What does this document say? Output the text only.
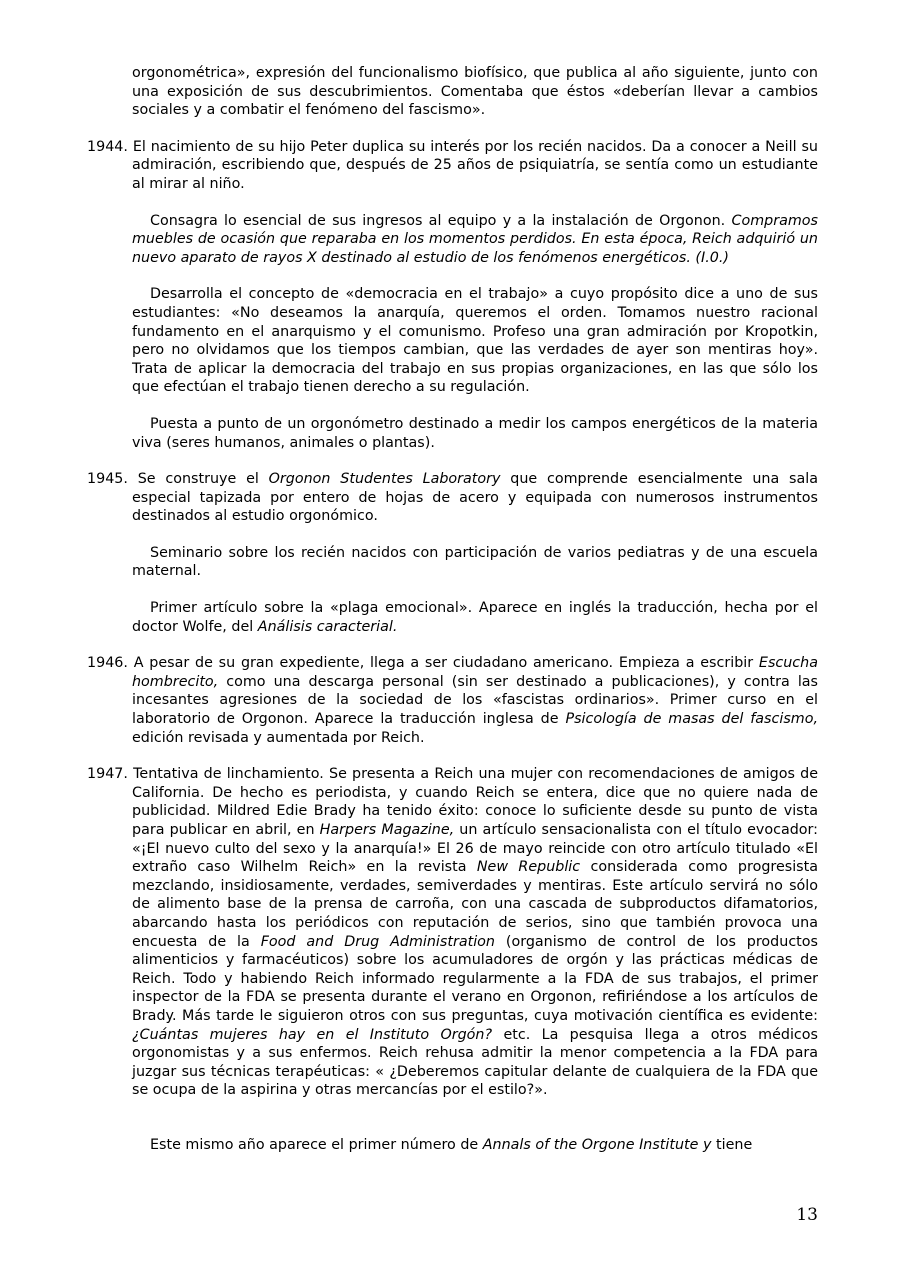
orgonométrica», expresión del funcionalismo biofísico, que publica al año siguiente, junto con una exposición de sus descubrimientos. Comentaba que éstos «deberían llevar a cambios sociales y a combatir el fenómeno del fascismo».

1944. El nacimiento de su hijo Peter duplica su interés por los recién nacidos. Da a conocer a Neill su admiración, escribiendo que, después de 25 años de psiquiatría, se sentía como un estudiante al mirar al niño.

Consagra lo esencial de sus ingresos al equipo y a la instalación de Orgonon. Compramos muebles de ocasión que reparaba en los momentos perdidos. En esta época, Reich adquirió un nuevo aparato de rayos X destinado al estudio de los fenómenos energéticos. (I.0.)

Desarrolla el concepto de «democracia en el trabajo» a cuyo propósito dice a uno de sus estudiantes: «No deseamos la anarquía, queremos el orden. Tomamos nuestro racional fundamento en el anarquismo y el comunismo. Profeso una gran admiración por Kropotkin, pero no olvidamos que los tiempos cambian, que las verdades de ayer son mentiras hoy». Trata de aplicar la democracia del trabajo en sus propias organizaciones, en las que sólo los que efectúan el trabajo tienen derecho a su regulación.

Puesta a punto de un orgonómetro destinado a medir los campos energéticos de la materia viva (seres humanos, animales o plantas).

1945. Se construye el Orgonon Studentes Laboratory que comprende esencialmente una sala especial tapizada por entero de hojas de acero y equipada con numerosos instrumentos destinados al estudio orgonómico.

Seminario sobre los recién nacidos con participación de varios pediatras y de una escuela maternal.

Primer artículo sobre la «plaga emocional». Aparece en inglés la traducción, hecha por el doctor Wolfe, del Análisis caracterial.

1946. A pesar de su gran expediente, llega a ser ciudadano americano. Empieza a escribir Escucha hombrecito, como una descarga personal (sin ser destinado a publicaciones), y contra las incesantes agresiones de la sociedad de los «fascistas ordinarios». Primer curso en el laboratorio de Orgonon. Aparece la traducción inglesa de Psicología de masas del fascismo, edición revisada y aumentada por Reich.

1947. Tentativa de linchamiento. Se presenta a Reich una mujer con recomendaciones de amigos de California. De hecho es periodista, y cuando Reich se entera, dice que no quiere nada de publicidad. Mildred Edie Brady ha tenido éxito: conoce lo suficiente desde su punto de vista para publicar en abril, en Harpers Magazine, un artículo sensacionalista con el título evocador: «¡El nuevo culto del sexo y la anarquía!» El 26 de mayo reincide con otro artículo titulado «El extraño caso Wilhelm Reich» en la revista New Republic considerada como progresista mezclando, insidiosamente, verdades, semiverdades y mentiras. Este artículo servirá no sólo de alimento base de la prensa de carroña, con una cascada de subproductos difamatorios, abarcando hasta los periódicos con reputación de serios, sino que también provoca una encuesta de la Food and Drug Administration (organismo de control de los productos alimenticios y farmacéuticos) sobre los acumuladores de orgón y las prácticas médicas de Reich. Todo y habiendo Reich informado regularmente a la FDA de sus trabajos, el primer inspector de la FDA se presenta durante el verano en Orgonon, refiriéndose a los artículos de Brady. Más tarde le siguieron otros con sus preguntas, cuya motivación científica es evidente: ¿Cuántas mujeres hay en el Instituto Orgón? etc. La pesquisa llega a otros médicos orgonomistas y a sus enfermos. Reich rehusa admitir la menor competencia a la FDA para juzgar sus técnicas terapéuticas: « ¿Deberemos capitular delante de cualquiera de la FDA que se ocupa de la aspirina y otras mercancías por el estilo?».

Este mismo año aparece el primer número de Annals of the Orgone Institute y tiene

13
